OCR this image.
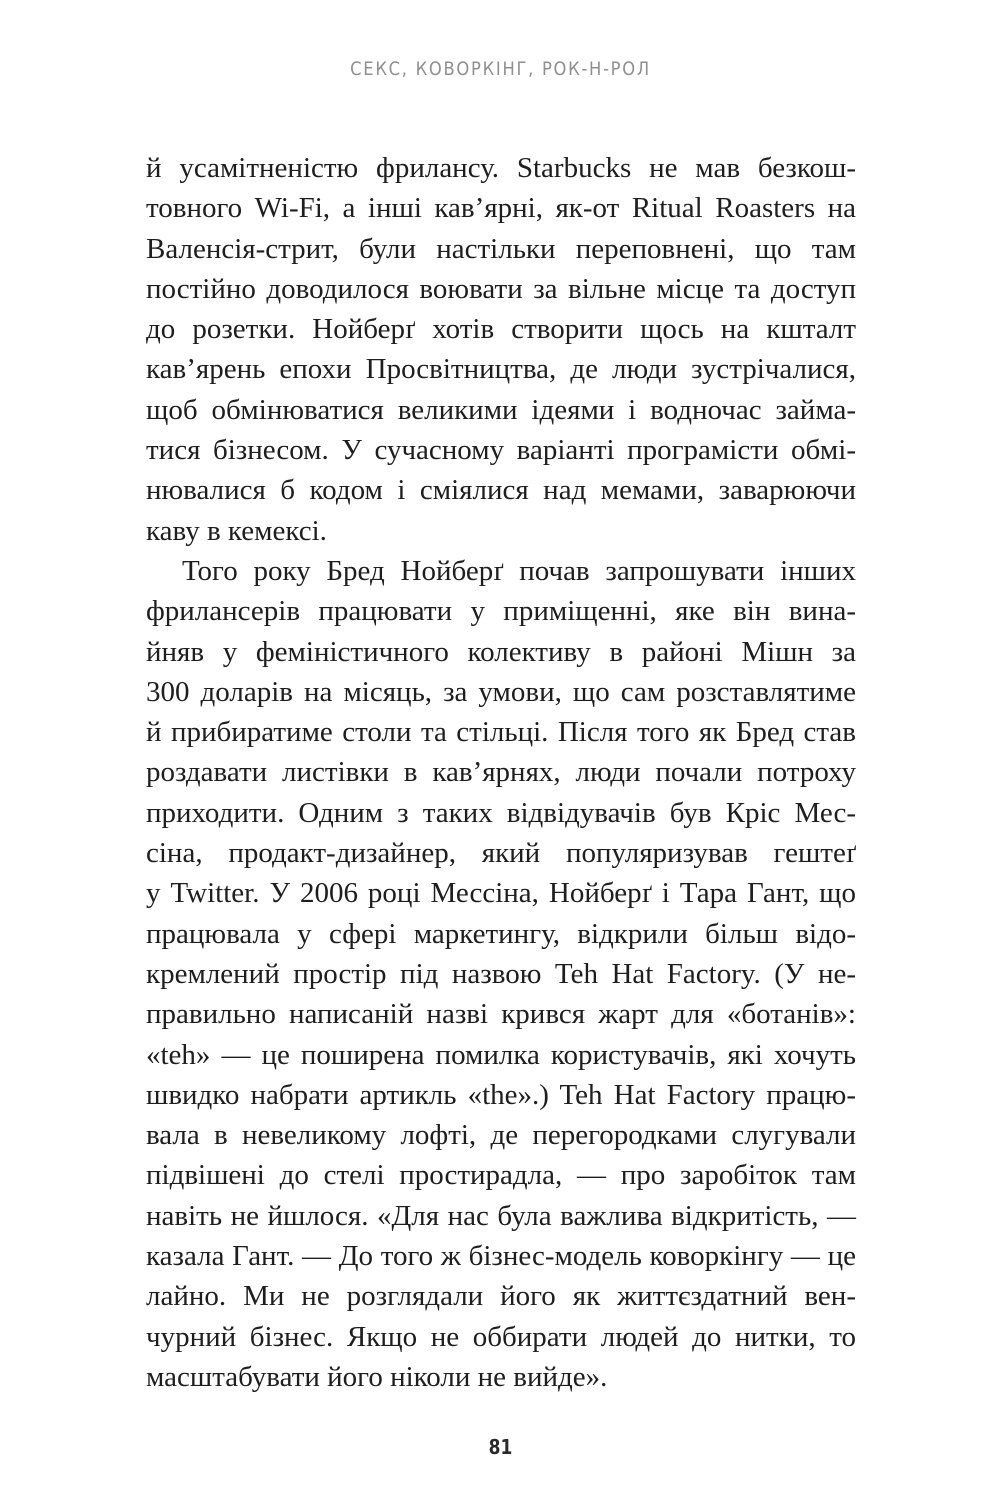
СЕКС, КОВОРКІНГ, РОК-Н-РОЛ
й усамітненістю фрилансу. Starbucks не мав безкош-
товного Wi-Fi, а інші кав’ярні, як-от Ritual Roasters на
Валенсія-стрит, були настільки переповнені, що там
постійно доводилося воювати за вільне місце та доступ
до розетки. Нойберґ хотів створити щось на кшталт
кав’ярень епохи Просвітництва, де люди зустрічалися,
щоб обмінюватися великими ідеями і водночас займа-
тися бізнесом. У сучасному варіанті програмісти обмі-
нювалися б кодом і сміялися над мемами, заварюючи
каву в кемексі.
Того року Бред Нойберґ почав запрошувати інших
фрилансерів працювати у приміщенні, яке він вина-
йняв у феміністичного колективу в районі Мішн за
300 доларів на місяць, за умови, що сам розставлятиме
й прибиратиме столи та стільці. Після того як Бред став
роздавати листівки в кав’ярнях, люди почали потроху
приходити. Одним з таких відвідувачів був Кріс Мес-
сіна, продакт-дизайнер, який популяризував гештеґ
у Twitter. У 2006 році Мессіна, Нойберґ і Тара Гант, що
працювала у сфері маркетингу, відкрили більш відо-
кремлений простір під назвою Teh Hat Factory. (У не-
правильно написаній назві крився жарт для «ботанів»:
«teh» — це поширена помилка користувачів, які хочуть
швидко набрати артикль «the».) Teh Hat Factory працю-
вала в невеликому лофті, де перегородками слугували
підвішені до стелі простирадла, — про заробіток там
навіть не йшлося. «Для нас була важлива відкритість, —
казала Гант. — До того ж бізнес-модель коворкінгу — це
лайно. Ми не розглядали його як життєздатний вен-
чурний бізнес. Якщо не оббирати людей до нитки, то
масштабувати його ніколи не вийде».
81
